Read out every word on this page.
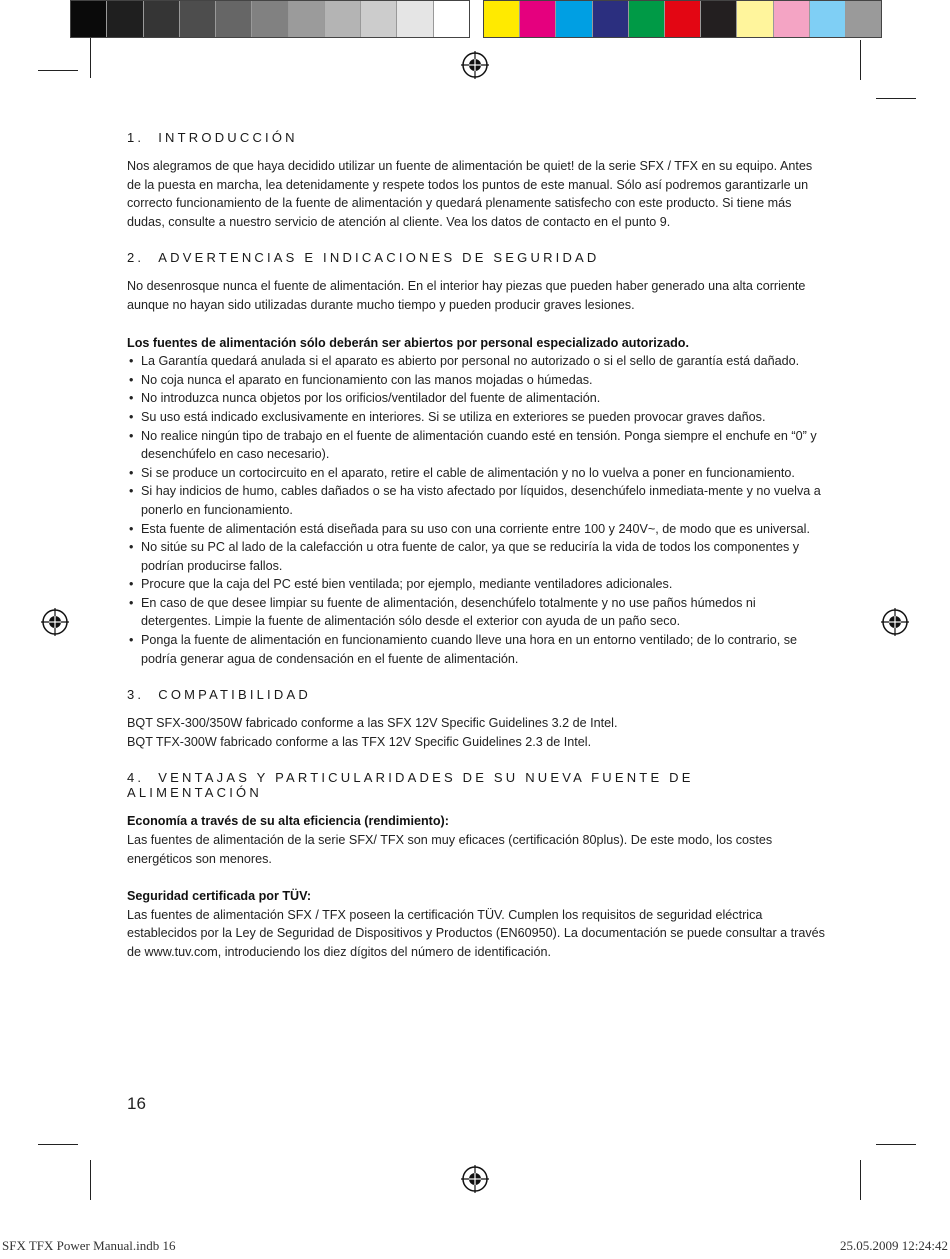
1. INTRODUCCIÓN

Nos alegramos de que haya decidido utilizar un fuente de alimentación be quiet! de la serie SFX / TFX en su equipo. Antes de la puesta en marcha, lea detenidamente y respete todos los puntos de este manual. Sólo así podremos garantizarle un correcto funcionamiento de la fuente de alimentación y quedará plenamente satisfecho con este producto. Si tiene más dudas, consulte a nuestro servicio de atención al cliente. Vea los datos de contacto en el punto 9.

2. ADVERTENCIAS E INDICACIONES DE SEGURIDAD

No desenrosque nunca el fuente de alimentación. En el interior hay piezas que pueden haber generado una alta corriente aunque no hayan sido utilizadas durante mucho tiempo y pueden producir graves lesiones.

Los fuentes de alimentación sólo deberán ser abiertos por personal especializado autorizado.
• La Garantía quedará anulada si el aparato es abierto por personal no autorizado o si el sello de garantía está dañado.
• No coja nunca el aparato en funcionamiento con las manos mojadas o húmedas.
• No introduzca nunca objetos por los orificios/ventilador del fuente de alimentación.
• Su uso está indicado exclusivamente en interiores. Si se utiliza en exteriores se pueden provocar graves daños.
• No realice ningún tipo de trabajo en el fuente de alimentación cuando esté en tensión. Ponga siempre el enchufe en “0” y desenchúfelo en caso necesario).
• Si se produce un cortocircuito en el aparato, retire el cable de alimentación y no lo vuelva a poner en funcionamiento.
• Si hay indicios de humo, cables dañados o se ha visto afectado por líquidos, desenchúfelo inmediata-mente y no vuelva a ponerlo en funcionamiento.
• Esta fuente de alimentación está diseñada para su uso con una corriente entre 100 y 240V~, de modo que es universal.
• No sitúe su PC al lado de la calefacción u otra fuente de calor, ya que se reduciría la vida de todos los componentes y podrían producirse fallos.
• Procure que la caja del PC esté bien ventilada; por ejemplo, mediante ventiladores adicionales.
• En caso de que desee limpiar su fuente de alimentación, desenchúfelo totalmente y no use paños húmedos ni detergentes. Limpie la fuente de alimentación sólo desde el exterior con ayuda de un paño seco.
• Ponga la fuente de alimentación en funcionamiento cuando lleve una hora en un entorno ventilado; de lo contrario, se podría generar agua de condensación en el fuente de alimentación.
3. COMPATIBILIDAD

BQT SFX-300/350W fabricado conforme a las SFX 12V Specific Guidelines 3.2 de Intel.

BQT TFX-300W fabricado conforme a las TFX 12V Specific Guidelines 2.3 de Intel.

4. VENTAJAS Y PARTICULARIDADES DE SU NUEVA FUENTE DE ALIMENTACIÓN
Economía a través de su alta eficiencia (rendimiento):

Las fuentes de alimentación de la serie SFX/ TFX son muy eficaces (certificación 80plus). De este modo, los costes energéticos son menores.

Seguridad certificada por TÜV:

Las fuentes de alimentación SFX / TFX poseen la certificación TÜV. Cumplen los requisitos de seguridad eléctrica establecidos por la Ley de Seguridad de Dispositivos y Productos (EN60950). La documentación se puede consultar a través de www.tuv.com, introduciendo los diez dígitos del número de identificación.

16
SFX TFX Power Manual.indb 16	25.05.2009 12:24:42
